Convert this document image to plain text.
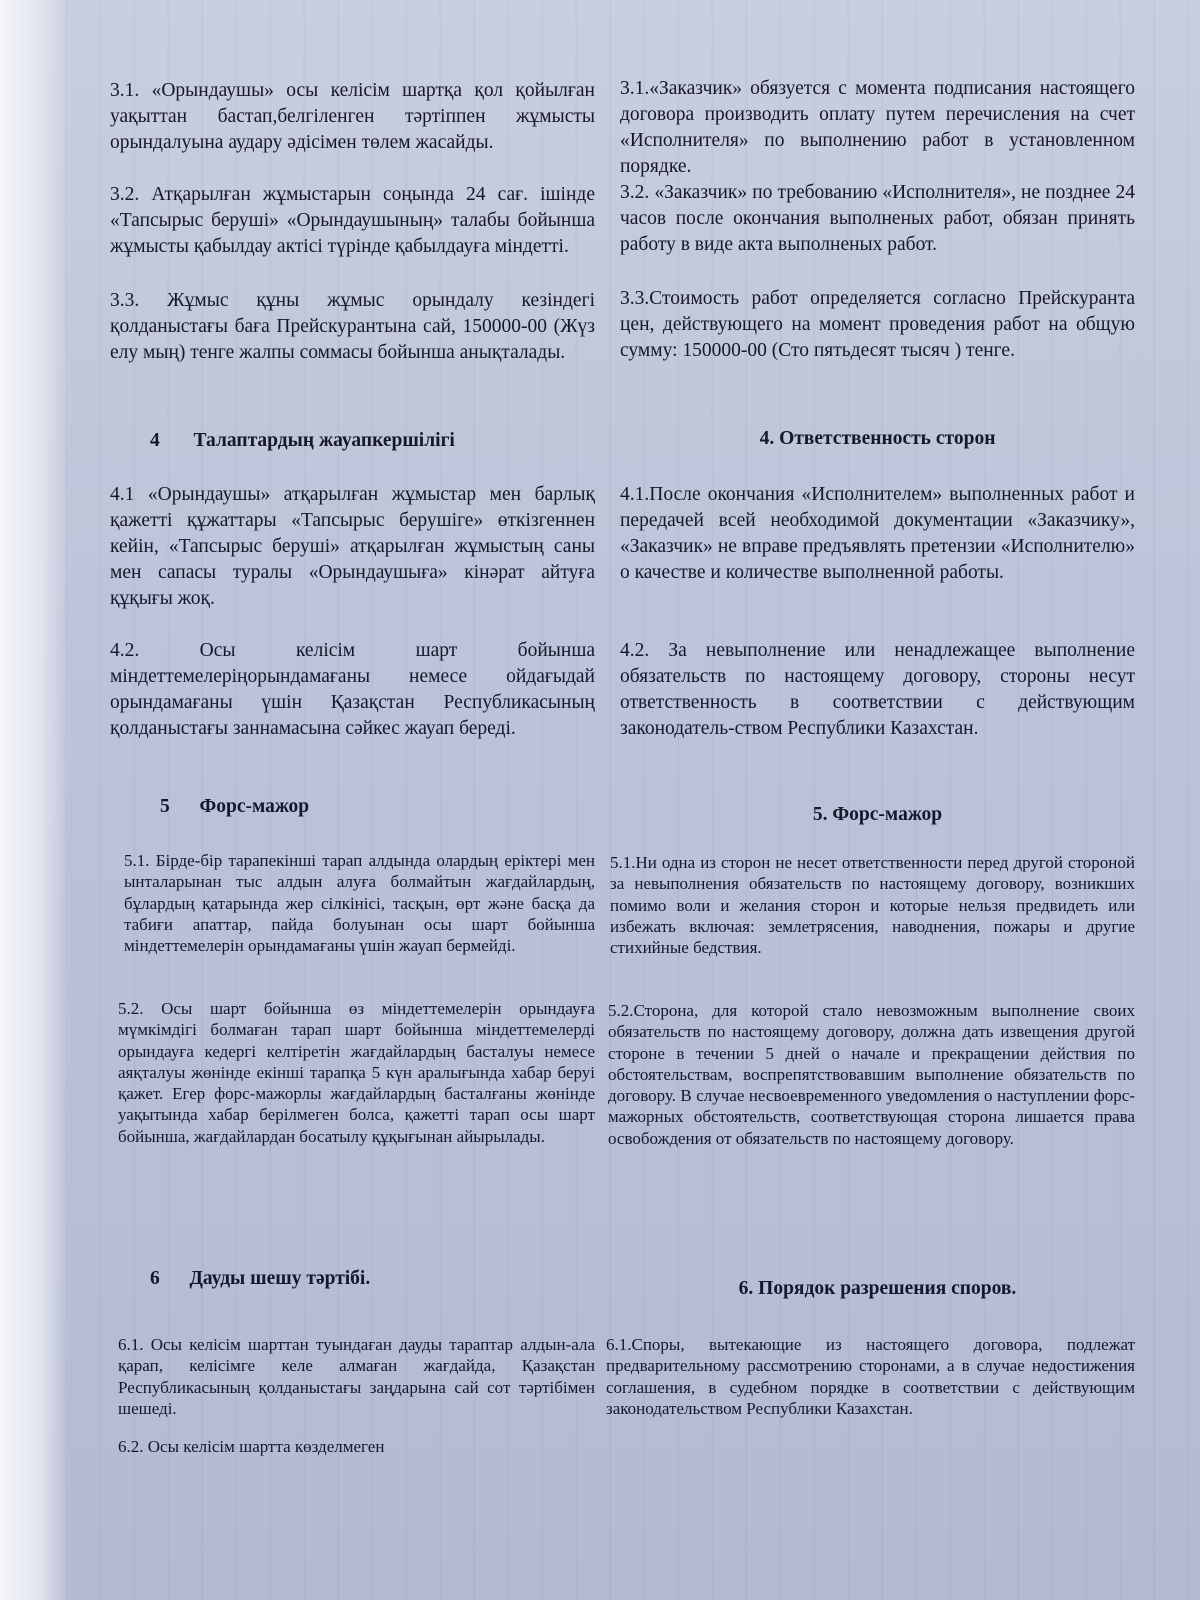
3.1. «Орындаушы» осы келісім шартқа қол қойылған уақыттан бастап,белгіленген тәртіппен жұмысты орындалуына аудару әдісімен төлем жасайды.

3.2. Атқарылған жұмыстарын соңында 24 сағ. ішінде «Тапсырыс беруші» «Орындаушының» талабы бойынша жұмысты қабылдау актісі түрінде қабылдауға міндетті.

3.3. Жұмыс құны жұмыс орындалу кезіндегі қолданыстағы баға Прейскурантына сай, 150000-00 (Жүз елу мың) тенге жалпы соммасы бойынша анықталады.

4 Талаптардың жауапкершілігі

4.1 «Орындаушы» атқарылған жұмыстар мен барлық қажетті құжаттары «Тапсырыс берушіге» өткізгеннен кейін, «Тапсырыс беруші» атқарылған жұмыстың саны мен сапасы туралы «Орындаушыға» кінәрат айтуға құқығы жоқ.

4.2. Осы келісім шарт бойынша міндеттемелеріңорындамағаны немесе ойдағыдай орындамағаны үшін Қазақстан Республикасының қолданыстағы заннамасына сәйкес жауап береді.

5 Форс-мажор

5.1. Бірде-бір тарапекінші тарап алдында олардың еріктері мен ынталарынан тыс алдын алуға болмайтын жағдайлардың, бұлардың қатарында жер сілкінісі, тасқын, өрт және басқа да табиғи апаттар, пайда болуынан осы шарт бойынша міндеттемелерін орындамағаны үшін жауап бермейді.

5.2. Осы шарт бойынша өз міндеттемелерін орындауға мүмкімдігі болмаған тарап шарт бойынша міндеттемелерді орындауға кедергі келтіретін жағдайлардың басталуы немесе аяқталуы жөнінде екінші тарапқа 5 күн аралығында хабар беруі қажет. Егер форс-мажорлы жағдайлардың басталғаны жөнінде уақытында хабар берілмеген болса, қажетті тарап осы шарт бойынша, жағдайлардан босатылу құқығынан айырылады.

6 Дауды шешу тәртібі.

6.1. Осы келісім шарттан туындаған дауды тараптар алдын-ала қарап, келісімге келе алмаған жағдайда, Қазақстан Республикасының қолданыстағы заңдарына сай сот тәртібімен шешеді.

6.2. Осы келісім шартта көзделмеген

3.1.«Заказчик» обязуется с момента подписания настоящего договора производить оплату путем перечисления на счет «Исполнителя» по выполнению работ в установленном порядке.

3.2. «Заказчик» по требованию «Исполнителя», не позднее 24 часов после окончания выполненых работ, обязан принять работу в виде акта выполненых работ.

3.3.Стоимость работ определяется согласно Прейскуранта цен, действующего на момент проведения работ на общую сумму: 150000-00 (Сто пятьдесят тысяч ) тенге.

4. Ответственность сторон

4.1.После окончания «Исполнителем» выполненных работ и передачей всей необходимой документации «Заказчику», «Заказчик» не вправе предъявлять претензии «Исполнителю» о качестве и количестве выполненной работы.

4.2. За невыполнение или ненадлежащее выполнение обязательств по настоящему договору, стороны несут ответственность в соответствии с действующим законодатель-ством Республики Казахстан.

5. Форс-мажор

5.1.Ни одна из сторон не несет ответственности перед другой стороной за невыполнения обязательств по настоящему договору, возникших помимо воли и желания сторон и которые нельзя предвидеть или избежать включая: землетрясения, наводнения, пожары и другие стихийные бедствия.

5.2.Сторона, для которой стало невозможным выполнение своих обязательств по настоящему договору, должна дать извещения другой стороне в течении 5 дней о начале и прекращении действия по обстоятельствам, воспрепятствовавшим выполнение обязательств по договору. В случае несвоевременного уведомления о наступлении форс-мажорных обстоятельств, соответствующая сторона лишается права освобождения от обязательств по настоящему договору.

6. Порядок разрешения споров.

6.1.Споры, вытекающие из настоящего договора, подлежат предварительному рассмотрению сторонами, а в случае недостижения соглашения, в судебном порядке в соответствии с действующим законодательством Республики Казахстан.
